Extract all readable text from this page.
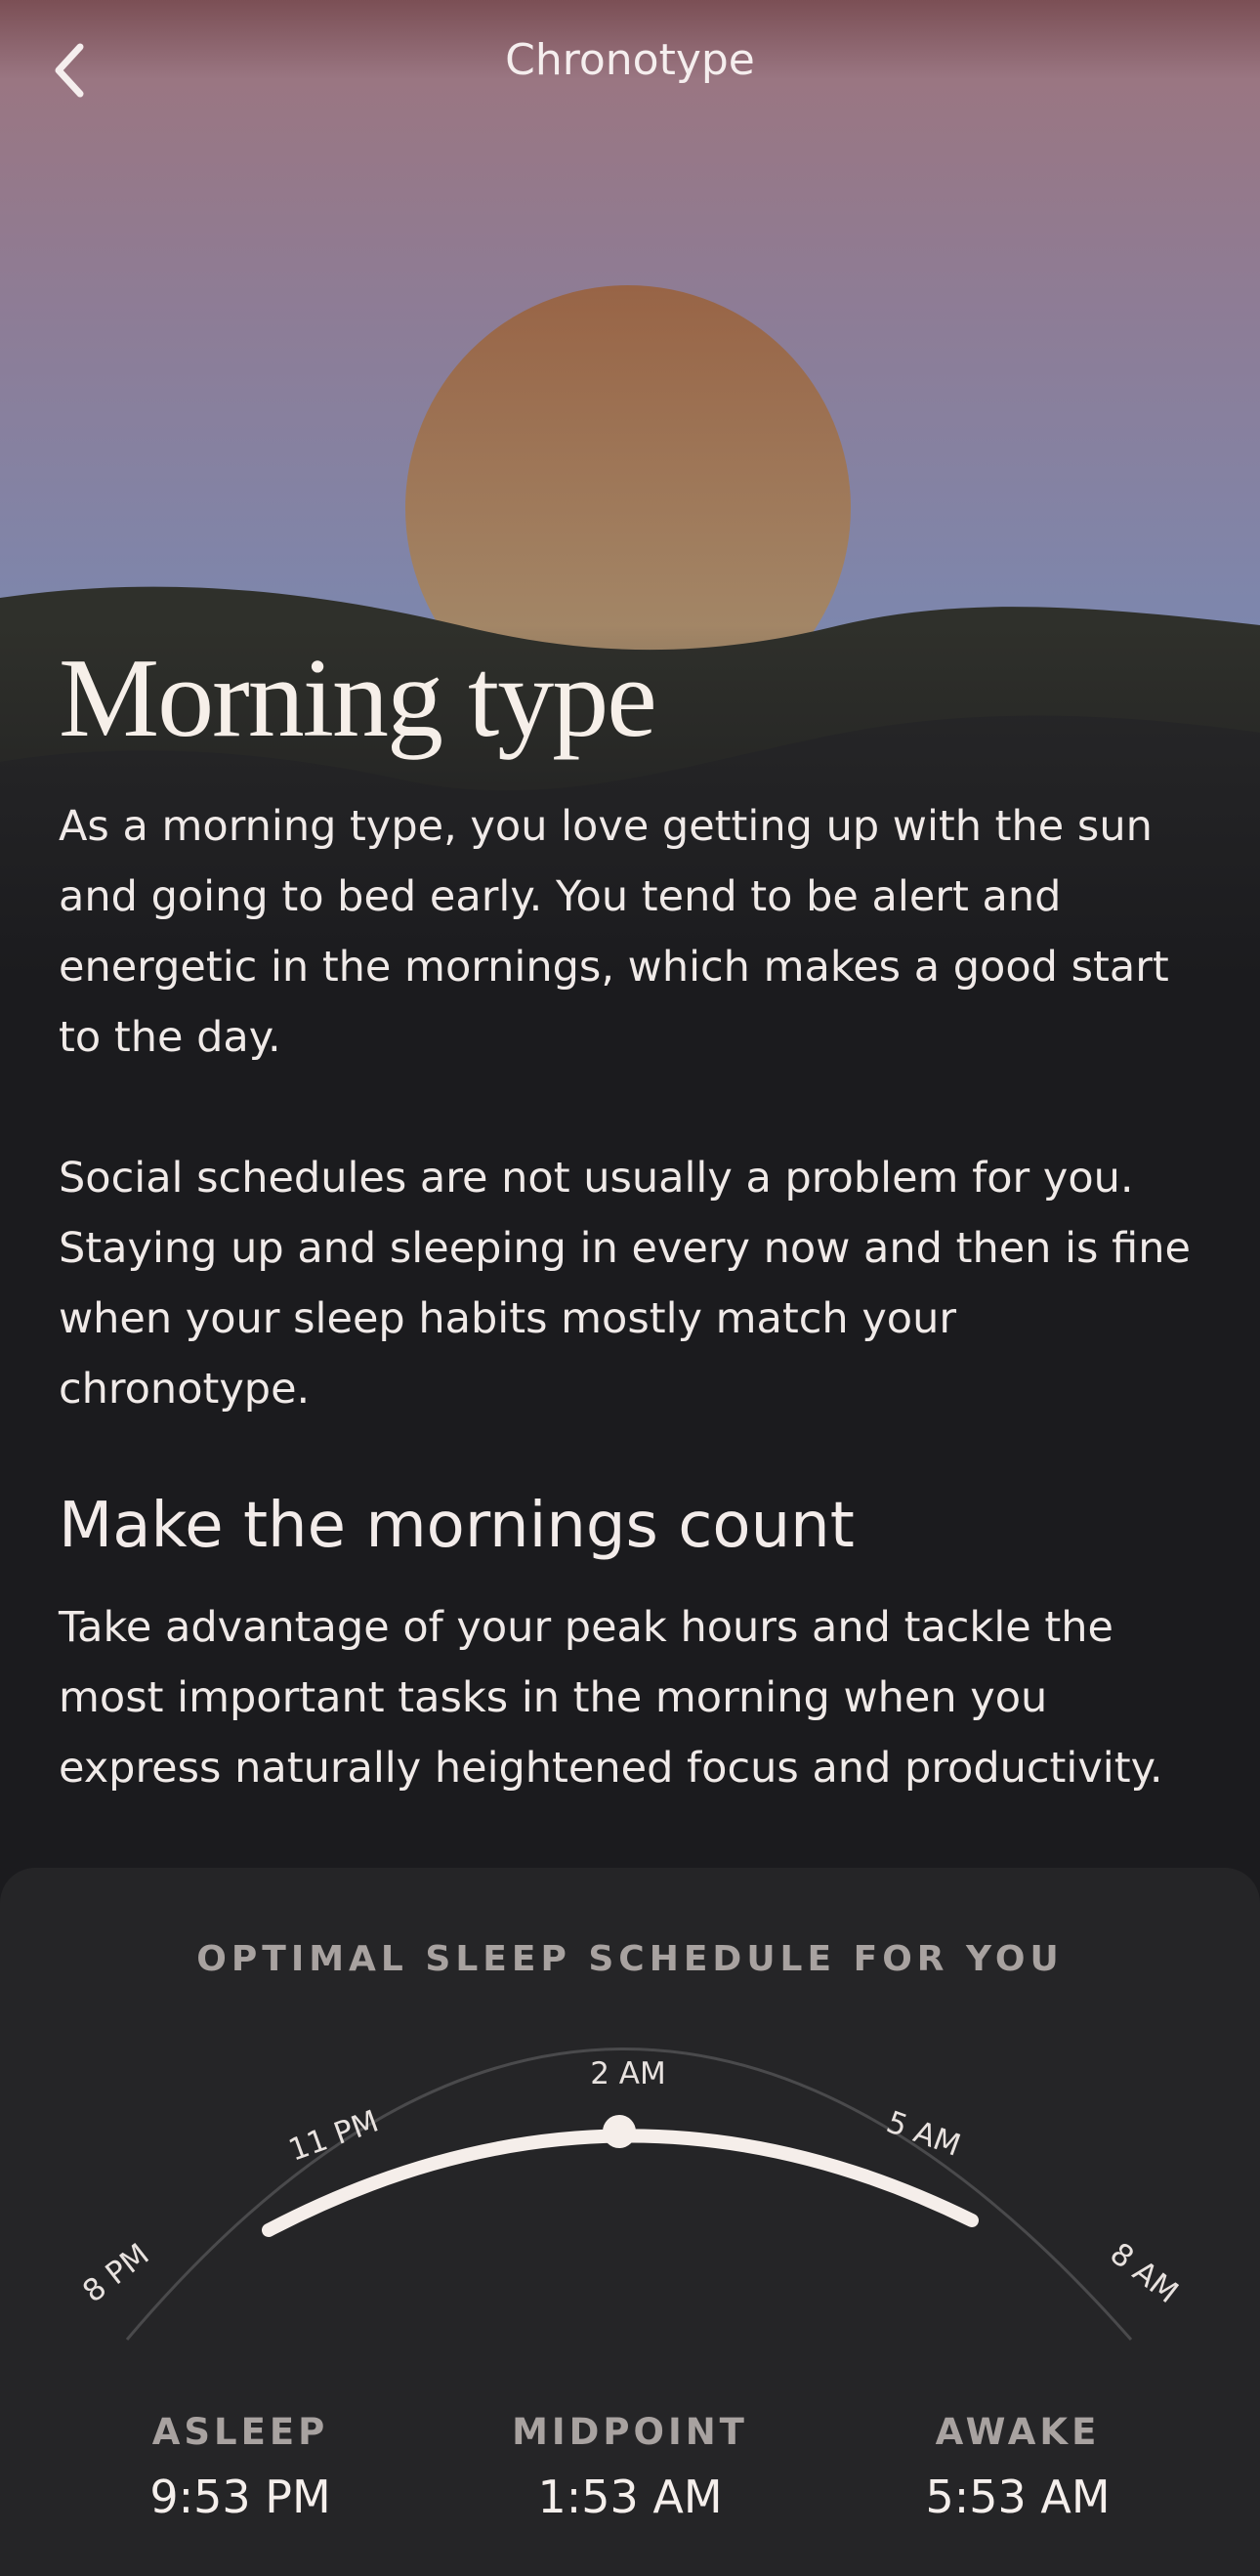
Chronotype
Morning type

As a morning type, you love getting up with the sun and going to bed early. You tend to be alert and energetic in the mornings, which makes a good start to the day.

Social schedules are not usually a problem for you. Staying up and sleeping in every now and then is fine when your sleep habits mostly match your chronotype.

Make the mornings count

Take advantage of your peak hours and tackle the most important tasks in the morning when you express naturally heightened focus and productivity.

OPTIMAL SLEEP SCHEDULE FOR YOU
8 PM
11 PM
2 AM
5 AM
8 AM
ASLEEP
9:53 PM
MIDPOINT
1:53 AM
AWAKE
5:53 AM
